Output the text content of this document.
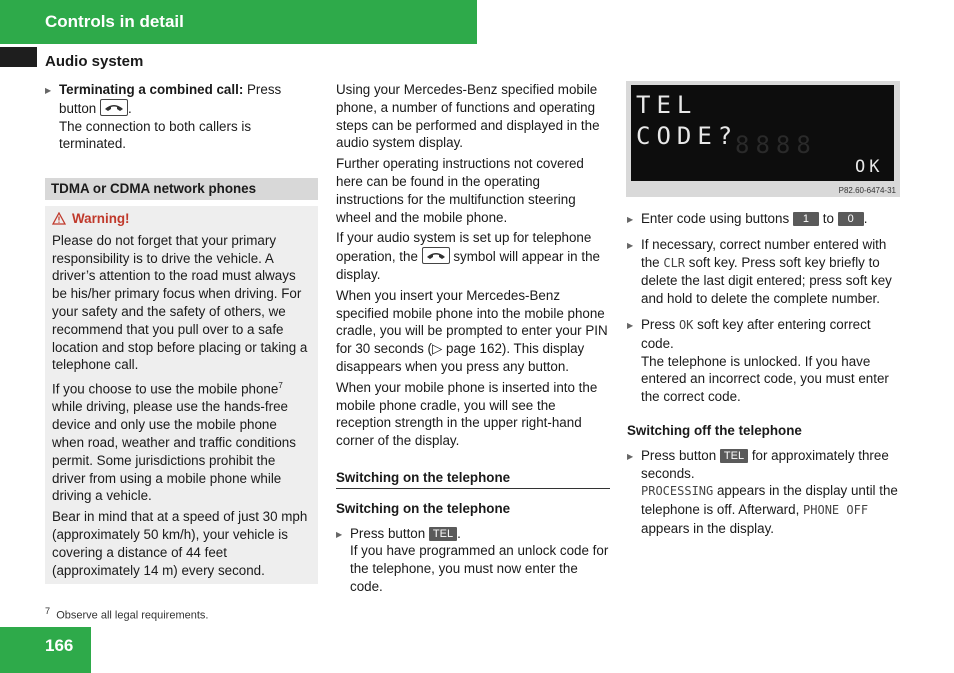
Controls in detail
Audio system
▶ Terminating a combined call: Press
button
.
The connection to both callers is terminated.
TDMA or CDMA network phones
Warning!

Please do not forget that your primary responsibility is to drive the vehicle. A driver’s attention to the road must always be his/her primary focus when driving. For your safety and the safety of others, we recommend that you pull over to a safe location and stop before placing or taking a telephone call.

If you choose to use the mobile phone$^7$ while driving, please use the hands-free device and only use the mobile phone when road, weather and traffic conditions permit. Some jurisdictions prohibit the driver from using a mobile phone while driving a vehicle.

Bear in mind that at a speed of just 30 mph (approximately 50 km/h), your vehicle is covering a distance of 44 feet (approximately 14 m) every second.

Using your Mercedes-Benz specified mobile phone, a number of functions and operating steps can be performed and displayed in the audio system display.

Further operating instructions not covered here can be found in the operating instructions for the multifunction steering wheel and the mobile phone.

If your audio system is set up for telephone operation, the
symbol will appear in the display.

When you insert your Mercedes-Benz specified mobile phone into the mobile phone cradle, you will be prompted to enter your PIN for 30 seconds (▷ page 162). This display disappears when you press any button.

When your mobile phone is inserted into the mobile phone cradle, you will see the reception strength in the upper right-hand corner of the display.

Switching on the telephone

Switching on the telephone

▶ Press button TEL .
If you have programmed an unlock code for the telephone, you must now enter the code.
8888
TEL
CODE?
OK
P82.60-6474-31
▶ Enter code using buttons 1 to 0 .
▶ If necessary, correct number entered with the CLR soft key. Press soft key briefly to delete the last digit entered; press soft key and hold to delete the complete number.
▶ Press OK soft key after entering correct code.
The telephone is unlocked. If you have entered an incorrect code, you must enter the correct code.

Switching off the telephone

▶ Press button TEL for approximately three seconds.
PROCESSING appears in the display until the telephone is off. Afterward, PHONE OFF appears in the display.
$^7$ Observe all legal requirements.
166
